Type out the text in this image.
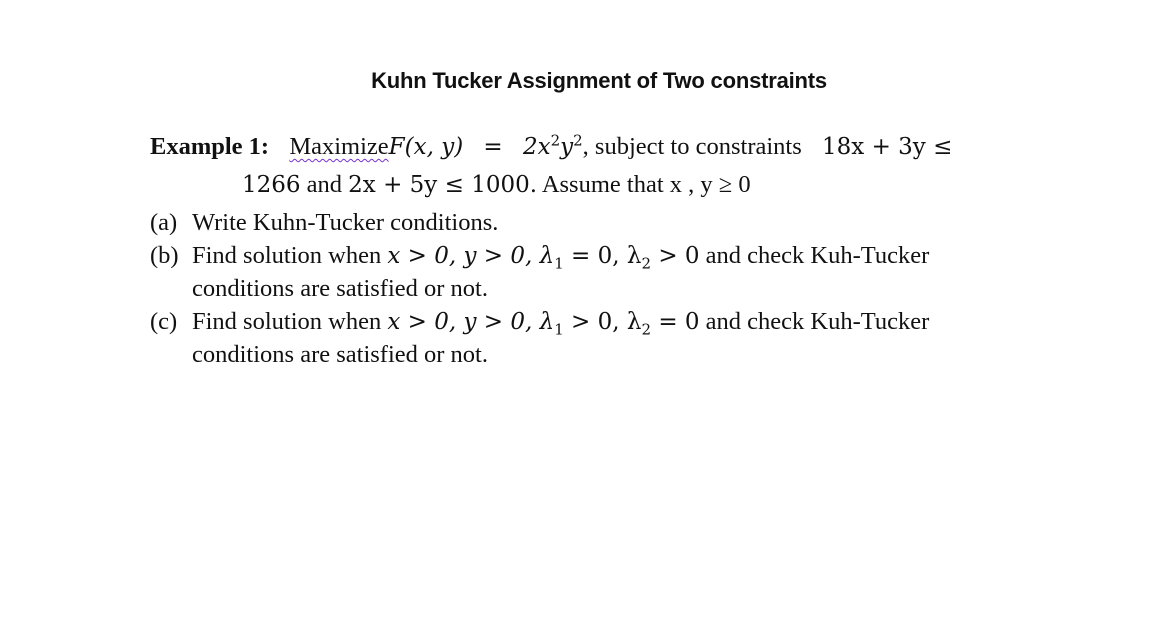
Kuhn Tucker Assignment of Two constraints
Example 1: MaximizeF(x, $y) = 2x^2y^2$, subject to constraints 18x + 3y ≤
1266 and 2x + 5y ≤ 1000. Assume that x , y ≥ 0
(a) Write Kuhn-Tucker conditions.
(b) Find solution when x > 0, y > 0, $\lambda_1 = 0$, $\lambda_2 > 0$ and check Kuh-Tucker
conditions are satisfied or not.
(c) Find solution when x > 0, y > 0, $\lambda_1 > 0$, $\lambda_2 = 0$ and check Kuh-Tucker
conditions are satisfied or not.
